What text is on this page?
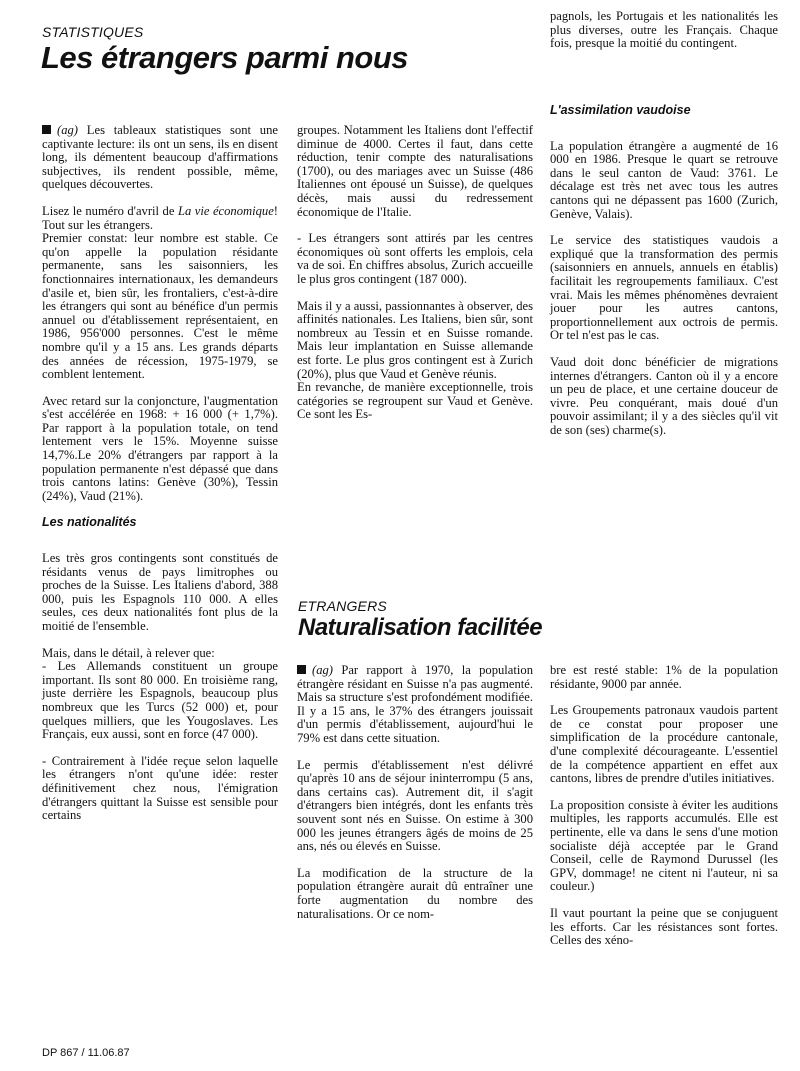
STATISTIQUES
Les étrangers parmi nous

pagnols, les Portugais et les nationalités les plus diverses, outre les Français. Chaque fois, presque la moitié du contingent.

(ag) Les tableaux statistiques sont une captivante lecture: ils ont un sens, ils en disent long, ils démentent beaucoup d'affirmations subjectives, ils rendent possible, même, quelques découvertes.

Lisez le numéro d'avril de La vie économique! Tout sur les étrangers.

Premier constat: leur nombre est stable. Ce qu'on appelle la population résidante permanente, sans les saisonniers, les fonctionnaires internationaux, les demandeurs d'asile et, bien sûr, les frontaliers, c'est-à-dire les étrangers qui sont au bénéfice d'un permis annuel ou d'établissement représentaient, en 1986, 956'000 personnes. C'est le même nombre qu'il y a 15 ans. Les grands départs des années de récession, 1975-1979, se comblent lentement.

Avec retard sur la conjoncture, l'augmentation s'est accélérée en 1968: + 16 000 (+ 1,7%). Par rapport à la population totale, on tend lentement vers le 15%. Moyenne suisse 14,7%.Le 20% d'étrangers par rapport à la population permanente n'est dépassé que dans trois cantons latins: Genève (30%), Tessin (24%), Vaud (21%).

Les nationalités

Les très gros contingents sont constitués de résidants venus de pays limitrophes ou proches de la Suisse. Les Italiens d'abord, 388 000, puis les Espagnols 110 000. A elles seules, ces deux nationalités font plus de la moitié de l'ensemble.

Mais, dans le détail, à relever que:

- Les Allemands constituent un groupe important. Ils sont 80 000. En troisième rang, juste derrière les Espagnols, beaucoup plus nombreux que les Turcs (52 000) et, pour quelques milliers, que les Yougoslaves. Les Français, eux aussi, sont en force (47 000).

- Contrairement à l'idée reçue selon laquelle les étrangers n'ont qu'une idée: rester définitivement chez nous, l'émigration d'étrangers quittant la Suisse est sensible pour certains

groupes. Notamment les Italiens dont l'effectif diminue de 4000. Certes il faut, dans cette réduction, tenir compte des naturalisations (1700), ou des mariages avec un Suisse (486 Italiennes ont épousé un Suisse), de quelques décès, mais aussi du redressement économique de l'Italie.

- Les étrangers sont attirés par les centres économiques où sont offerts les emplois, cela va de soi. En chiffres absolus, Zurich accueille le plus gros contingent (187 000).

Mais il y a aussi, passionnantes à observer, des affinités nationales. Les Italiens, bien sûr, sont nombreux au Tessin et en Suisse romande. Mais leur implantation en Suisse allemande est forte. Le plus gros contingent est à Zurich (20%), plus que Vaud et Genève réunis.

En revanche, de manière exceptionnelle, trois catégories se regroupent sur Vaud et Genève. Ce sont les Es-

L'assimilation vaudoise

La population étrangère a augmenté de 16 000 en 1986. Presque le quart se retrouve dans le seul canton de Vaud: 3761. Le décalage est très net avec tous les autres cantons qui ne dépassent pas 1600 (Zurich, Genève, Valais).

Le service des statistiques vaudois a expliqué que la transformation des permis (saisonniers en annuels, annuels en établis) facilitait les regroupements familiaux. C'est vrai. Mais les mêmes phénomènes devraient jouer pour les autres cantons, proportionnellement aux octrois de permis. Or tel n'est pas le cas.

Vaud doit donc bénéficier de migrations internes d'étrangers. Canton où il y a encore un peu de place, et une certaine douceur de vivre. Peu conquérant, mais doué d'un pouvoir assimilant; il y a des siècles qu'il vit de son (ses) charme(s).

ETRANGERS
Naturalisation facilitée

(ag) Par rapport à 1970, la population étrangère résidant en Suisse n'a pas augmenté. Mais sa structure s'est profondément modifiée. Il y a 15 ans, le 37% des étrangers jouissait d'un permis d'établissement, aujourd'hui le 79% est dans cette situation.

Le permis d'établissement n'est délivré qu'après 10 ans de séjour ininterrompu (5 ans, dans certains cas). Autrement dit, il s'agit d'étrangers bien intégrés, dont les enfants très souvent sont nés en Suisse. On estime à 300 000 les jeunes étrangers âgés de moins de 25 ans, nés ou élevés en Suisse.

La modification de la structure de la population étrangère aurait dû entraîner une forte augmentation du nombre des naturalisations. Or ce nom-

bre est resté stable: 1% de la population résidante, 9000 par année.

Les Groupements patronaux vaudois partent de ce constat pour proposer une simplification de la procédure cantonale, d'une complexité décourageante. L'essentiel de la compétence appartient en effet aux cantons, libres de prendre d'utiles initiatives.

La proposition consiste à éviter les auditions multiples, les rapports accumulés. Elle est pertinente, elle va dans le sens d'une motion socialiste déjà acceptée par le Grand Conseil, celle de Raymond Durussel (les GPV, dommage! ne citent ni l'auteur, ni sa couleur.)

Il vaut pourtant la peine que se conjuguent les efforts. Car les résistances sont fortes. Celles des xéno-

DP 867 / 11.06.87
